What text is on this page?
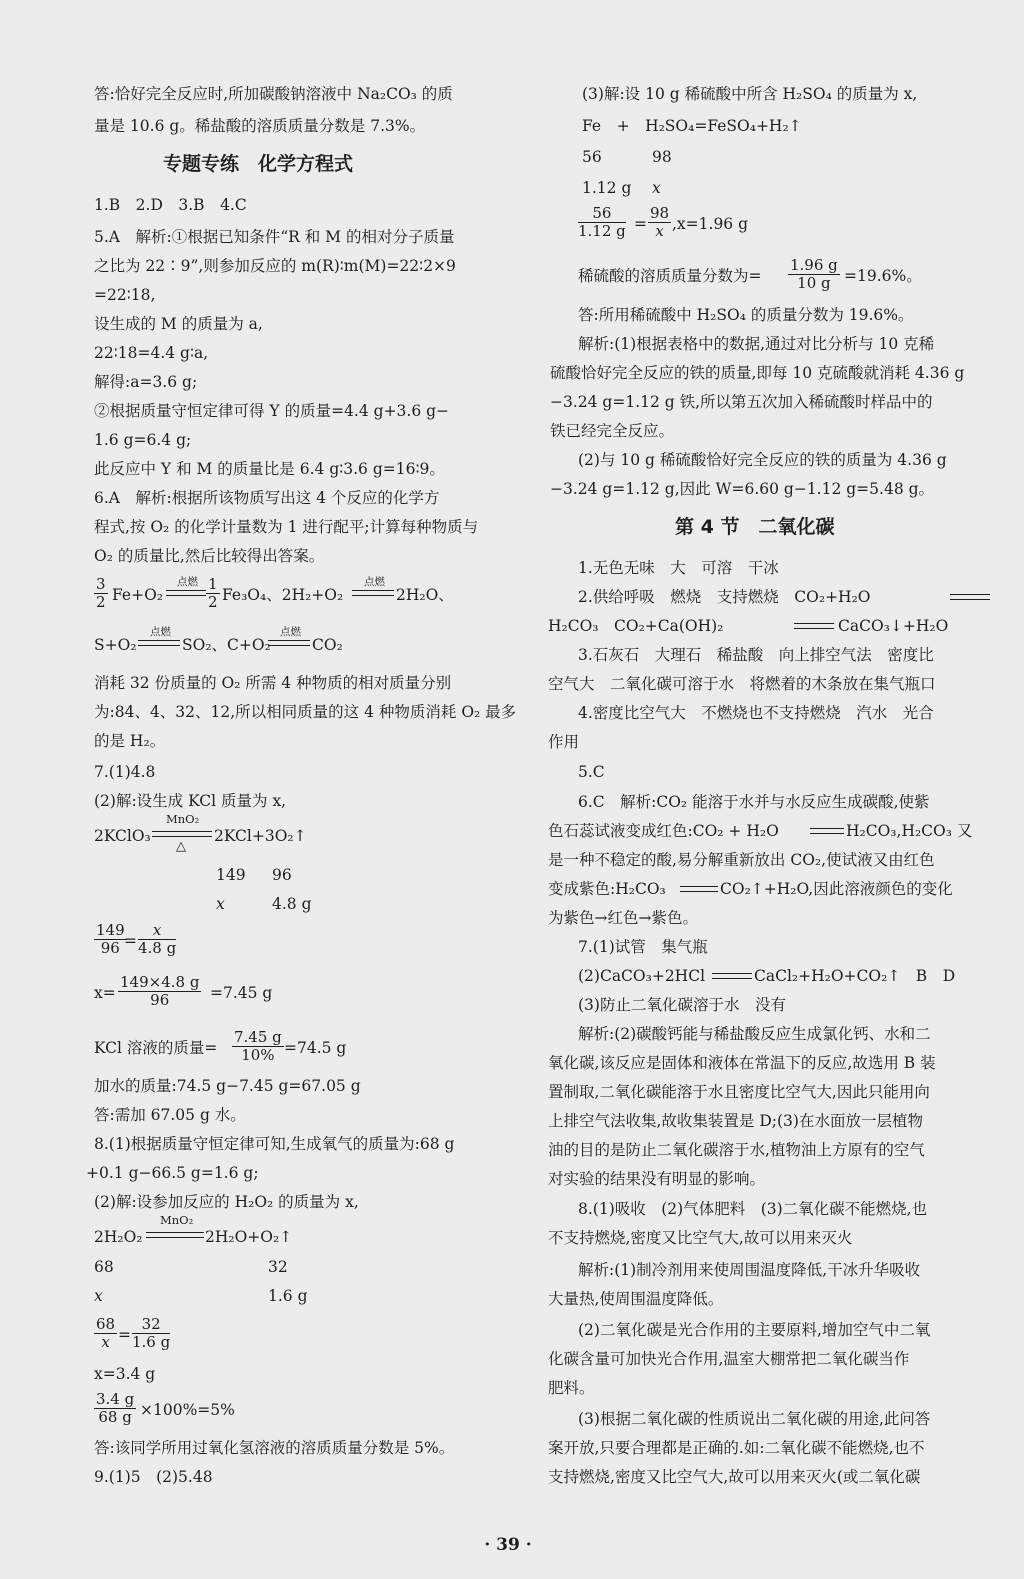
答:恰好完全反应时,所加碳酸钠溶液中 Na₂CO₃ 的质
量是 10.6 g。稀盐酸的溶质质量分数是 7.3%。
专题专练　化学方程式
1.B　2.D　3.B　4.C
5.A　解析:①根据已知条件“R 和 M 的相对分子质量
之比为 22∶9”,则参加反应的 m(R)∶m(M)=22∶2×9
=22∶18,
设生成的 M 的质量为 a,
22∶18=4.4 g∶a,
解得:a=3.6 g;
②根据质量守恒定律可得 Y 的质量=4.4 g+3.6 g−
1.6 g=6.4 g;
此反应中 Y 和 M 的质量比是 6.4 g∶3.6 g=16∶9。
6.A　解析:根据所该物质写出这 4 个反应的化学方
程式,按 O₂ 的化学计量数为 1 进行配平;计算每种物质与
O₂ 的质量比,然后比较得出答案。
$\frac{3}{2} Fe+O_2$
点燃 $\frac{1}{2} Fe_3O_4$、2H₂+O₂
点燃
2H₂O、
S+O₂
点燃
SO₂、C+O₂
点燃
CO₂
消耗 32 份质量的 O₂ 所需 4 种物质的相对质量分别
为:84、4、32、12,所以相同质量的这 4 种物质消耗 O₂ 最多
的是 H₂。
7.(1)4.8
(2)解:设生成 KCl 质量为 x,
2KClO₃
MnO₂
△
2KCl+3O₂↑
149 96
x	4.8 g
$\frac{149}{96}$
= $\frac{x}{4.8 g}$
$x= \frac{149\times 4.8 g}{96} =7.45$ g
KCl 溶液的质量= $\frac{7.45 g}{10\%} =74.5$ g
加水的质量:74.5 g−7.45 g=67.05 g
答:需加 67.05 g 水。
8.(1)根据质量守恒定律可知,生成氧气的质量为:68 g
+0.1 g−66.5 g=1.6 g;
(2)解:设参加反应的 H₂O₂ 的质量为 x,
2H₂O₂
MnO₂
2H₂O+O₂↑
68	32
x	1.6 g
$\frac{68}{x} = \frac{32}{1.6 g}$
x=3.4 g
$\frac{3.4 g}{68 g} \times 100\%=5\%$
答:该同学所用过氧化氢溶液的溶质质量分数是 5%。
9.(1)5　(2)5.48
(3)解:设 10 g 稀硫酸中所含 H₂SO₄ 的质量为 x,
Fe　+　H₂SO₄=FeSO₄+H₂↑
56	98
1.12 g x
$\frac{56}{1.12 g} = \frac{98}{x} ,x=1.96$ g
稀硫酸的溶质质量分数为= $\frac{1.96 g}{10 g} =19.6\%$。
答:所用稀硫酸中 H₂SO₄ 的质量分数为 19.6%。
解析:(1)根据表格中的数据,通过对比分析与 10 克稀
硫酸恰好完全反应的铁的质量,即每 10 克硫酸就消耗 4.36 g
−3.24 g=1.12 g 铁,所以第五次加入稀硫酸时样品中的
铁已经完全反应。
(2)与 10 g 稀硫酸恰好完全反应的铁的质量为 4.36 g
−3.24 g=1.12 g,因此 W=6.60 g−1.12 g=5.48 g。
第 4 节　二氧化碳
1.无色无味　大　可溶　干冰
2.供给呼吸　燃烧　支持燃烧　CO₂+H₂O
H₂CO₃　CO₂+Ca(OH)₂	CaCO₃↓+H₂O
3.石灰石　大理石　稀盐酸　向上排空气法　密度比
空气大　二氧化碳可溶于水　将燃着的木条放在集气瓶口
4.密度比空气大　不燃烧也不支持燃烧　汽水　光合
作用
5.C
6.C　解析:CO₂ 能溶于水并与水反应生成碳酸,使紫
色石蕊试液变成红色:CO₂ + H₂O	H₂CO₃,H₂CO₃ 又
是一种不稳定的酸,易分解重新放出 CO₂,使试液又由红色
变成紫色:H₂CO₃	CO₂↑+H₂O,因此溶液颜色的变化
为紫色→红色→紫色。
7.(1)试管　集气瓶
(2)CaCO₃+2HCl	CaCl₂+H₂O+CO₂↑　B　D
(3)防止二氧化碳溶于水　没有
解析:(2)碳酸钙能与稀盐酸反应生成氯化钙、水和二
氧化碳,该反应是固体和液体在常温下的反应,故选用 B 装
置制取,二氧化碳能溶于水且密度比空气大,因此只能用向
上排空气法收集,故收集装置是 D;(3)在水面放一层植物
油的目的是防止二氧化碳溶于水,植物油上方原有的空气
对实验的结果没有明显的影响。
8.(1)吸收　(2)气体肥料　(3)二氧化碳不能燃烧,也
不支持燃烧,密度又比空气大,故可以用来灭火
解析:(1)制冷剂用来使周围温度降低,干冰升华吸收
大量热,使周围温度降低。
(2)二氧化碳是光合作用的主要原料,增加空气中二氧
化碳含量可加快光合作用,温室大棚常把二氧化碳当作
肥料。
(3)根据二氧化碳的性质说出二氧化碳的用途,此问答
案开放,只要合理都是正确的.如:二氧化碳不能燃烧,也不
支持燃烧,密度又比空气大,故可以用来灭火(或二氧化碳
· 39 ·
